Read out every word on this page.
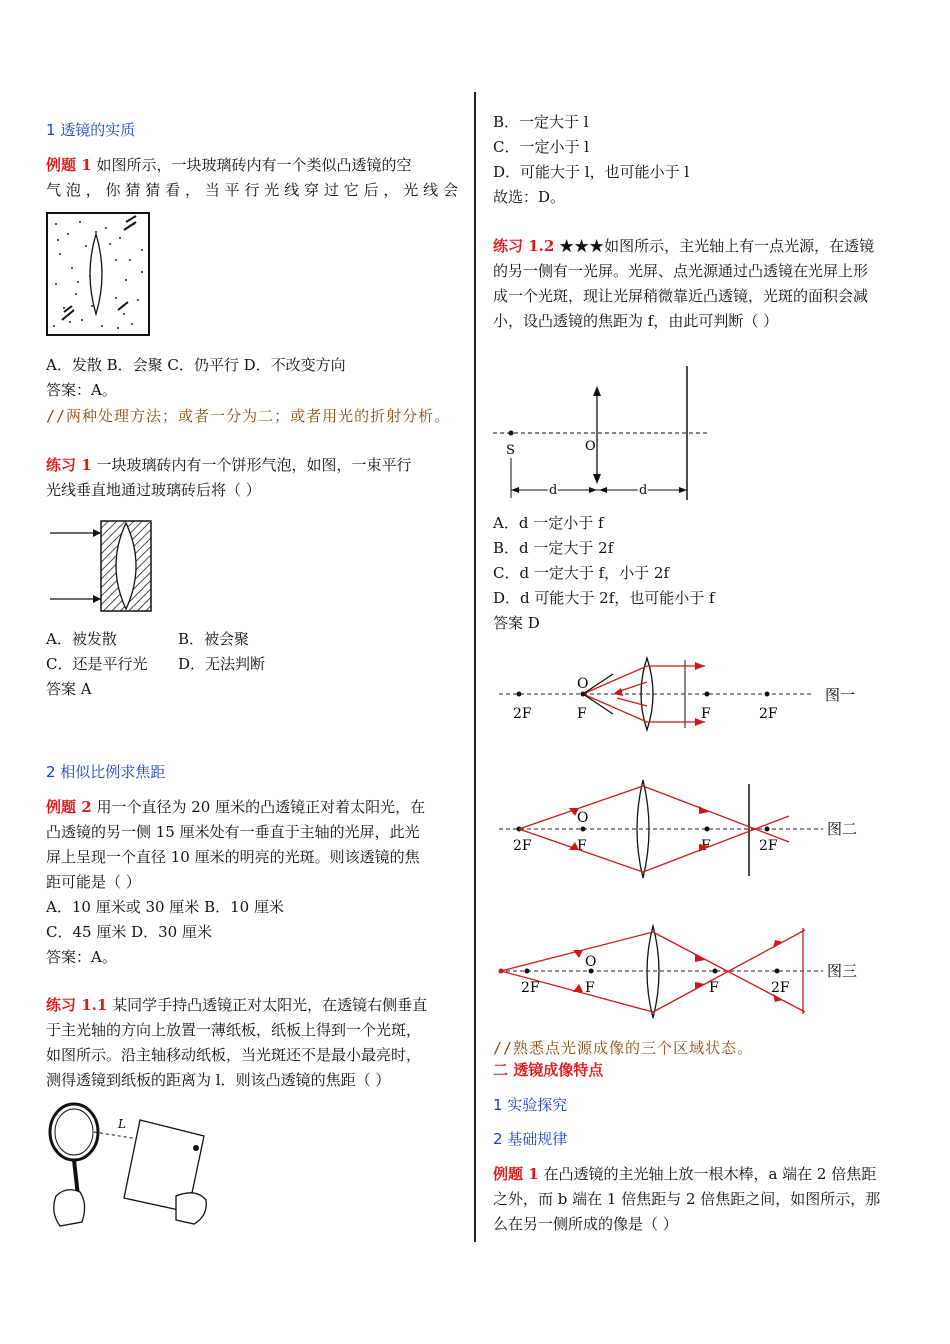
1 透镜的实质
例题 1 如图所示，一块玻璃砖内有一个类似凸透镜的空
气泡，你猜猜看，当平行光线穿过它后，光线会
A．发散 B．会聚 C．仍平行 D．不改变方向
答案：A。
//两种处理方法；或者一分为二；或者用光的折射分析。
练习 1 一块玻璃砖内有一个饼形气泡，如图，一束平行
光线垂直地通过玻璃砖后将（ ）
A．被发散	B．被会聚
C．还是平行光 D．无法判断
答案 A
2 相似比例求焦距
例题 2 用一个直径为 20 厘米的凸透镜正对着太阳光，在
凸透镜的另一侧 15 厘米处有一垂直于主轴的光屏，此光
屏上呈现一个直径 10 厘米的明亮的光斑。则该透镜的焦
距可能是（ ）
A．10 厘米或 30 厘米 B．10 厘米
C．45 厘米 D．30 厘米
答案：A。
练习 1.1 某同学手持凸透镜正对太阳光，在透镜右侧垂直
于主光轴的方向上放置一薄纸板，纸板上得到一个光斑，
如图所示。沿主轴移动纸板，当光斑还不是最小最亮时，
测得透镜到纸板的距离为 l．则该凸透镜的焦距（ ）
L
B．一定大于 l
C．一定小于 l
D．可能大于 l，也可能小于 l
故选：D。
练习 1.2 ★★★如图所示，主光轴上有一点光源，在透镜
的另一侧有一光屏。光屏、点光源通过凸透镜在光屏上形
成一个光斑，现让光屏稍微靠近凸透镜，光斑的面积会减
小，设凸透镜的焦距为 f，由此可判断（ ）
S	O
d	d
A．d 一定小于 f
B．d 一定大于 2f
C．d 一定大于 f，小于 2f
D．d 可能大于 2f，也可能小于 f
答案 D
2F	F	F	2F
O
图一
2F	F	2F
O
图二
2F	F	F	2F
O	图三
//熟悉点光源成像的三个区域状态。
二 透镜成像特点
1 实验探究
2 基础规律
例题 1 在凸透镜的主光轴上放一根木棒，a 端在 2 倍焦距
之外，而 b 端在 1 倍焦距与 2 倍焦距之间，如图所示，那
么在另一侧所成的像是（ ）
